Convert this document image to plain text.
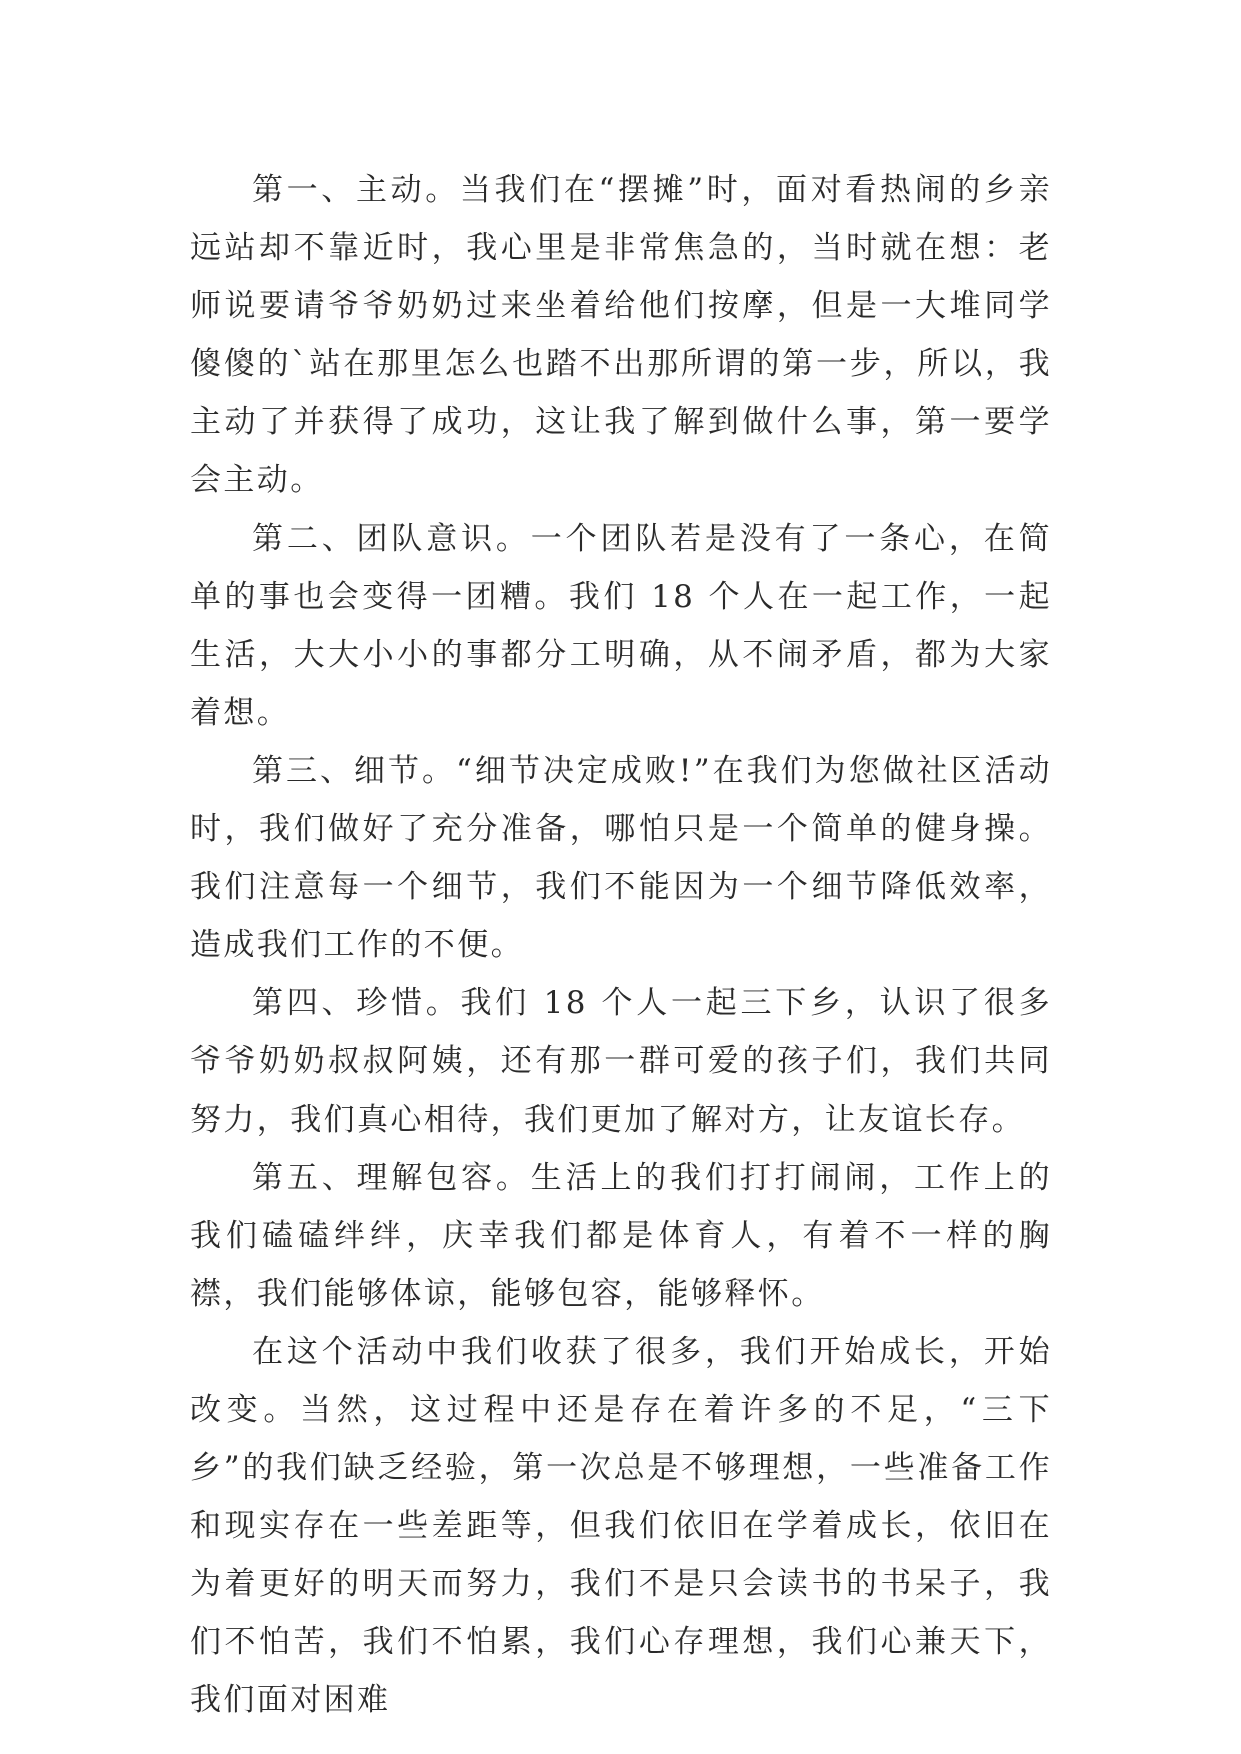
第一、主动。当我们在“摆摊”时，面对看热闹的乡亲远站却不靠近时，我心里是非常焦急的，当时就在想：老师说要请爷爷奶奶过来坐着给他们按摩，但是一大堆同学傻傻的`站在那里怎么也踏不出那所谓的第一步，所以，我主动了并获得了成功，这让我了解到做什么事，第一要学会主动。

第二、团队意识。一个团队若是没有了一条心，在简单的事也会变得一团糟。我们 18 个人在一起工作，一起生活，大大小小的事都分工明确，从不闹矛盾，都为大家着想。

第三、细节。“细节决定成败!”在我们为您做社区活动时，我们做好了充分准备，哪怕只是一个简单的健身操。我们注意每一个细节，我们不能因为一个细节降低效率，造成我们工作的不便。

第四、珍惜。我们 18 个人一起三下乡，认识了很多爷爷奶奶叔叔阿姨，还有那一群可爱的孩子们，我们共同努力，我们真心相待，我们更加了解对方，让友谊长存。

第五、理解包容。生活上的我们打打闹闹，工作上的我们磕磕绊绊，庆幸我们都是体育人，有着不一样的胸襟，我们能够体谅，能够包容，能够释怀。

在这个活动中我们收获了很多，我们开始成长，开始改变。当然，这过程中还是存在着许多的不足，“三下乡”的我们缺乏经验，第一次总是不够理想，一些准备工作和现实存在一些差距等，但我们依旧在学着成长，依旧在为着更好的明天而努力，我们不是只会读书的书呆子，我们不怕苦，我们不怕累，我们心存理想，我们心兼天下，我们面对困难
